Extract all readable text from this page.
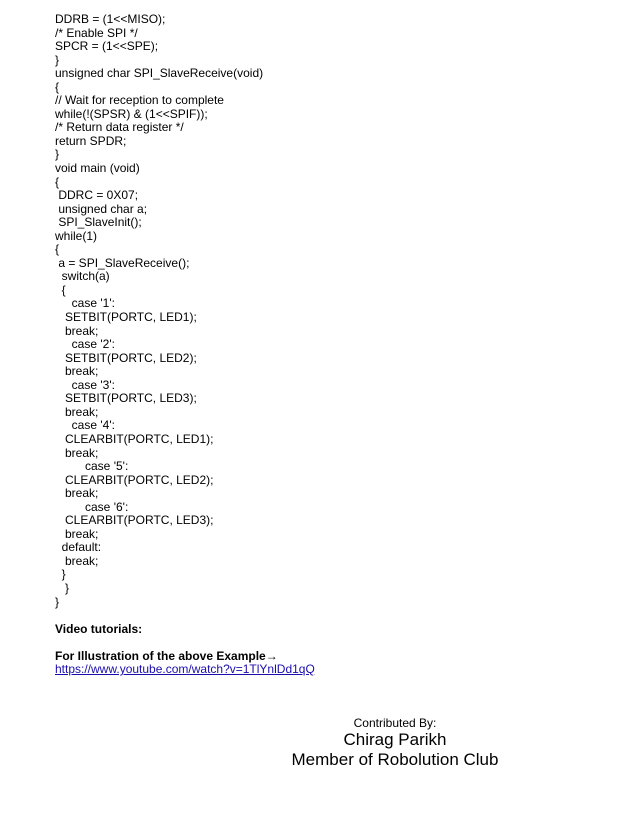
DDRB = (1<<MISO);
/* Enable SPI */
SPCR = (1<<SPE);
}
unsigned char SPI_SlaveReceive(void)
{
// Wait for reception to complete
while(!(SPSR) & (1<<SPIF));
/* Return data register */
return SPDR;
}
void main (void)
{
DDRC = 0X07;
unsigned char a;
SPI_SlaveInit();
while(1)
{
a = SPI_SlaveReceive();
switch(a)
{
case '1':
SETBIT(PORTC, LED1);
break;
case '2':
SETBIT(PORTC, LED2);
break;
case '3':
SETBIT(PORTC, LED3);
break;
case '4':
CLEARBIT(PORTC, LED1);
break;
case '5':
CLEARBIT(PORTC, LED2);
break;
case '6':
CLEARBIT(PORTC, LED3);
break;
default:
break;
}
}
}
Video tutorials:
For Illustration of the above Example→
https://www.youtube.com/watch?v=1TlYnlDd1qQ
Contributed By:
Chirag Parikh
Member of Robolution Club
